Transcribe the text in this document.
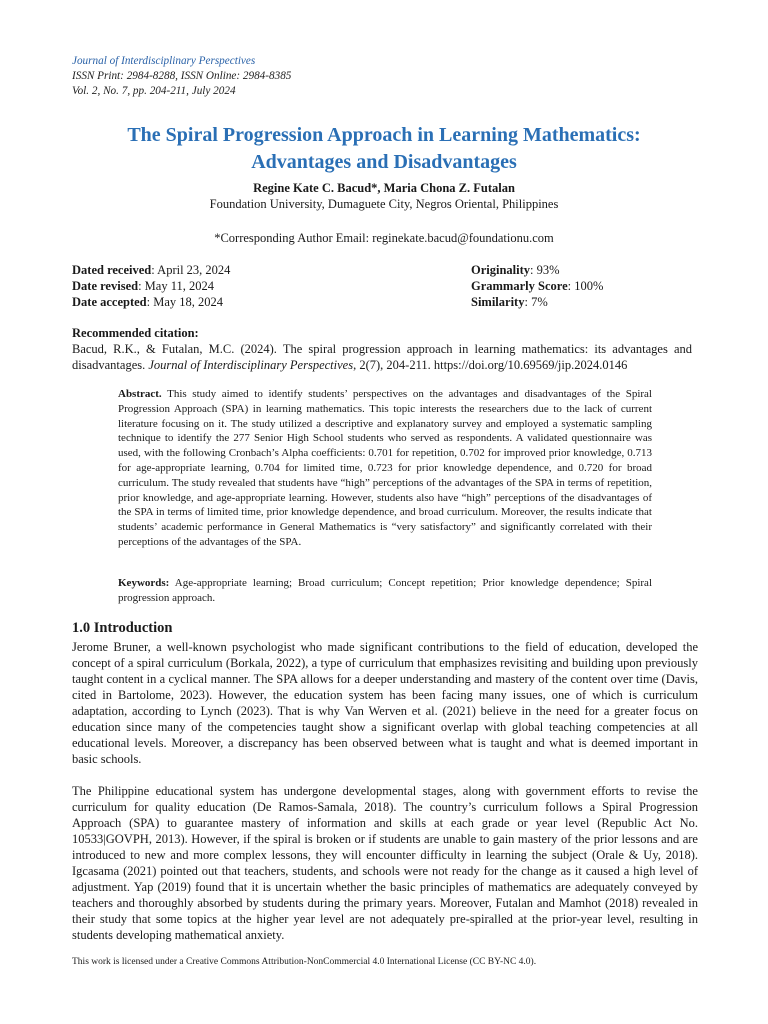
Journal of Interdisciplinary Perspectives
ISSN Print: 2984-8288, ISSN Online: 2984-8385
Vol. 2, No. 7, pp. 204-211, July 2024
The Spiral Progression Approach in Learning Mathematics:
Advantages and Disadvantages
Regine Kate C. Bacud*, Maria Chona Z. Futalan
Foundation University, Dumaguete City, Negros Oriental, Philippines
*Corresponding Author Email: reginekate.bacud@foundationu.com
Dated received: April 23, 2024
Date revised: May 11, 2024
Date accepted: May 18, 2024
Originality: 93%
Grammarly Score: 100%
Similarity: 7%
Recommended citation:
Bacud, R.K., & Futalan, M.C. (2024). The spiral progression approach in learning mathematics: its advantages and disadvantages. Journal of Interdisciplinary Perspectives, 2(7), 204-211. https://doi.org/10.69569/jip.2024.0146
Abstract. This study aimed to identify students’ perspectives on the advantages and disadvantages of the Spiral Progression Approach (SPA) in learning mathematics. This topic interests the researchers due to the lack of current literature focusing on it. The study utilized a descriptive and explanatory survey and employed a systematic sampling technique to identify the 277 Senior High School students who served as respondents. A validated questionnaire was used, with the following Cronbach’s Alpha coefficients: 0.701 for repetition, 0.702 for improved prior knowledge, 0.713 for age-appropriate learning, 0.704 for limited time, 0.723 for prior knowledge dependence, and 0.720 for broad curriculum. The study revealed that students have “high” perceptions of the advantages of the SPA in terms of repetition, prior knowledge, and age-appropriate learning. However, students also have “high” perceptions of the disadvantages of the SPA in terms of limited time, prior knowledge dependence, and broad curriculum. Moreover, the results indicate that students’ academic performance in General Mathematics is “very satisfactory” and significantly correlated with their perceptions of the advantages of the SPA.
Keywords: Age-appropriate learning; Broad curriculum; Concept repetition; Prior knowledge dependence; Spiral progression approach.
1.0 Introduction

Jerome Bruner, a well-known psychologist who made significant contributions to the field of education, developed the concept of a spiral curriculum (Borkala, 2022), a type of curriculum that emphasizes revisiting and building upon previously taught content in a cyclical manner. The SPA allows for a deeper understanding and mastery of the content over time (Davis, cited in Bartolome, 2023). However, the education system has been facing many issues, one of which is curriculum adaptation, according to Lynch (2023). That is why Van Werven et al. (2021) believe in the need for a greater focus on education since many of the competencies taught show a significant overlap with global teaching competencies at all educational levels. Moreover, a discrepancy has been observed between what is taught and what is deemed important in basic schools.

The Philippine educational system has undergone developmental stages, along with government efforts to revise the curriculum for quality education (De Ramos-Samala, 2018). The country’s curriculum follows a Spiral Progression Approach (SPA) to guarantee mastery of information and skills at each grade or year level (Republic Act No. 10533|GOVPH, 2013). However, if the spiral is broken or if students are unable to gain mastery of the prior lessons and are introduced to new and more complex lessons, they will encounter difficulty in learning the subject (Orale & Uy, 2018). Igcasama (2021) pointed out that teachers, students, and schools were not ready for the change as it caused a high level of adjustment. Yap (2019) found that it is uncertain whether the basic principles of mathematics are adequately conveyed by teachers and thoroughly absorbed by students during the primary years. Moreover, Futalan and Mamhot (2018) revealed in their study that some topics at the higher year level are not adequately pre-spiralled at the prior-year level, resulting in students developing mathematical anxiety.

This work is licensed under a Creative Commons Attribution-NonCommercial 4.0 International License (CC BY-NC 4.0).
